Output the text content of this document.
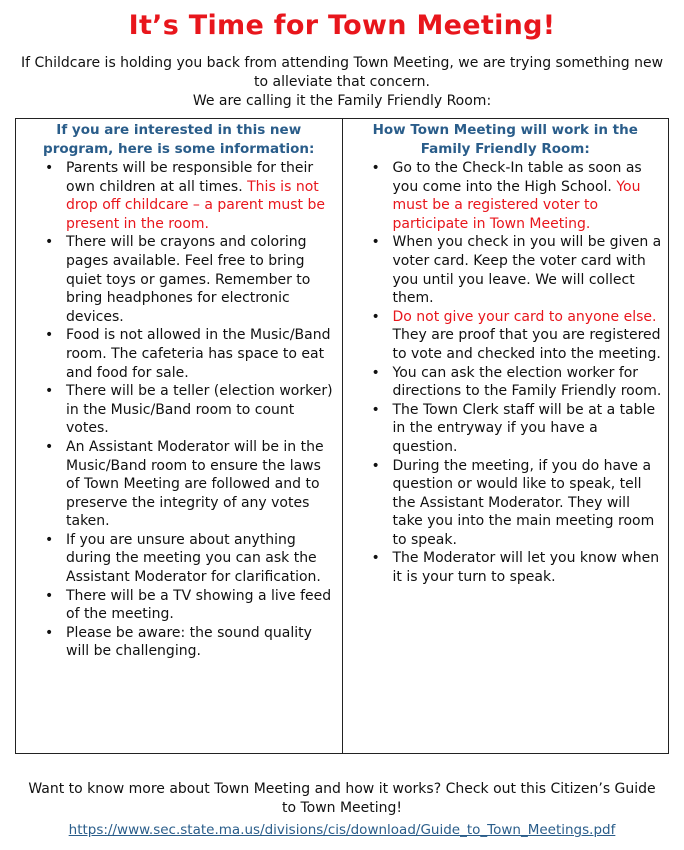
It’s Time for Town Meeting!
If Childcare is holding you back from attending Town Meeting, we are trying something new to alleviate that concern.
We are calling it the Family Friendly Room:
If you are interested in this new program, here is some information:
• Parents will be responsible for their own children at all times. This is not drop off childcare – a parent must be present in the room.
• There will be crayons and coloring pages available. Feel free to bring quiet toys or games. Remember to bring headphones for electronic devices.
• Food is not allowed in the Music/Band room. The cafeteria has space to eat and food for sale.
• There will be a teller (election worker) in the Music/Band room to count votes.
• An Assistant Moderator will be in the Music/Band room to ensure the laws of Town Meeting are followed and to preserve the integrity of any votes taken.
• If you are unsure about anything during the meeting you can ask the Assistant Moderator for clarification.
• There will be a TV showing a live feed of the meeting.
• Please be aware: the sound quality will be challenging.

How Town Meeting will work in the Family Friendly Room:
• Go to the Check-In table as soon as you come into the High School. You must be a registered voter to participate in Town Meeting.
• When you check in you will be given a voter card. Keep the voter card with you until you leave. We will collect them.
• Do not give your card to anyone else. They are proof that you are registered to vote and checked into the meeting.
• You can ask the election worker for directions to the Family Friendly room.
• The Town Clerk staff will be at a table in the entryway if you have a question.
• During the meeting, if you do have a question or would like to speak, tell the Assistant Moderator. They will take you into the main meeting room to speak.
• The Moderator will let you know when it is your turn to speak.
Want to know more about Town Meeting and how it works? Check out this Citizen’s Guide to Town Meeting!
https://www.sec.state.ma.us/divisions/cis/download/Guide_to_Town_Meetings.pdf
